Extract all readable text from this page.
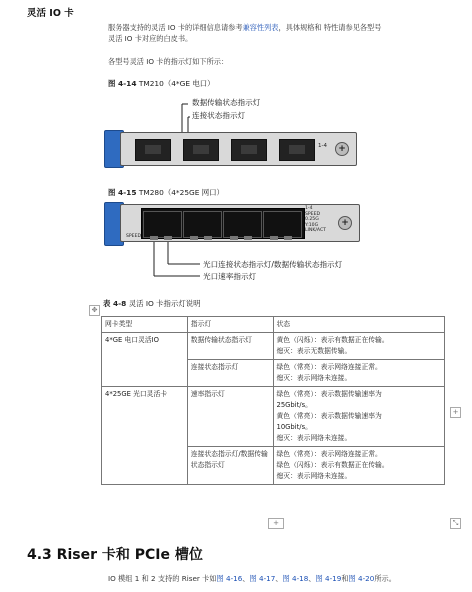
灵活 IO 卡
服务器支持的灵活 IO 卡的详细信息请参考兼容性列表，具体规格和 特性请参见各型号
灵活 IO 卡对应的白皮书。
各型号灵活 IO 卡的指示灯如下所示：
图 4-14 TM210（4*GE 电口）
数据传输状态指示灯
连接状态指示灯
1-4 +
图 4-15 TM280（4*25GE 网口）
1-4
SPEED
0.25G
Y:10G
LINK/ACT
+
SPEED
光口连接状态指示灯/数据传输状态指示灯
光口速率指示灯
✥
表 4-8 灵活 IO 卡指示灯说明
网卡类型	指示灯	状态
4*GE 电口灵活IO	数据传输状态指示灯	黄色（闪烁）：表示有数据正在传输。
熄灭：表示无数据传输。

	连接状态指示灯	绿色（常亮）：表示网络连接正常。
熄灭：表示网络未连接。

4*25GE 光口灵活卡	速率指示灯	绿色（常亮）：表示数据传输速率为
25Gbit/s。
黄色（常亮）：表示数据传输速率为
10Gbit/s。
熄灭：表示网络未连接。

	连接状态指示灯/数据传输状态指示灯	绿色（常亮）：表示网络连接正常。
绿色（闪烁）：表示有数据正在传输。
熄灭：表示网络未连接。
+
+	⤡
4.3 Riser 卡和 PCIe 槽位
IO 模组 1 和 2 支持的 Riser 卡如图 4-16、图 4-17、图 4-18、图 4-19和图 4-20所示。
